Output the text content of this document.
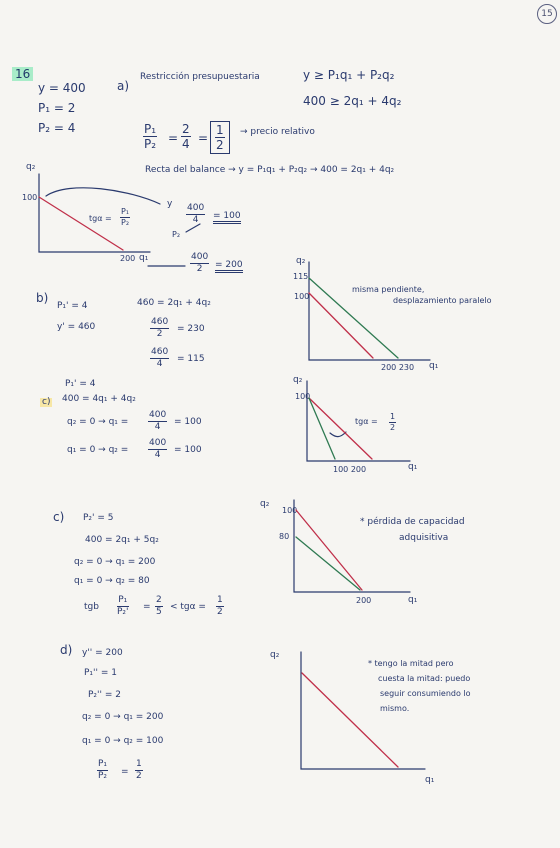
15
16
y = 400
P₁ = 2
P₂ = 4
a)
Restricción presupuestaria	y ≥ P₁q₁ + P₂q₂
400 ≥ 2q₁ + 4q₂
$\frac{\text{P₁}}{\text{P₂}} = \frac{2}{4} = \frac{1}{2}$ → precio relativo
Recta del balance → y = P₁q₁ + P₂q₂ → 400 = 2q₁ + 4q₂
q₂
100
200 q₁
$tg\alpha = \frac{\text{P₁}}{\text{P₂}}$
y $\frac{400}{4} = 100$
P₂
$\frac{400}{2} = 200$
b)
P₁' = 4
y' = 460
460 = 2q₁ + 4q₂
$\frac{460}{2} = 230$
$\frac{460}{4} = 115$
q₂
115
100
200 230 q₁
misma pendiente,
desplazamiento paralelo
P₁' = 4
c) 400 = 4q₁ + 4q₂
$q_2 = 0 \to q_1 = \frac{400}{4} = 100$
$q_1 = 0 \to q_2 = \frac{400}{4} = 100$
q₂
100
100 200	q₁
$tg\alpha = \frac{1}{2}$
c) P₂' = 5
400 = 2q₁ + 5q₂
q₂ = 0 → q₁ = 200
q₁ = 0 → q₂ = 80
tgb $\frac{\text{P₁}}{\text{P₂'}} = \frac{2}{5} < tg\alpha = \frac{1}{2}$
q₂
100
80
200	q₁
* pérdida de capacidad
adquisitiva
d) y'' = 200
P₁'' = 1
P₂'' = 2
q₂ = 0 → q₁ = 200
q₁ = 0 → q₂ = 100
$\frac{\text{P₁}}{\text{P₂}} = \frac{1}{2}$
q₂
q₁
* tengo la mitad pero
cuesta la mitad: puedo
seguir consumiendo lo
mismo.
